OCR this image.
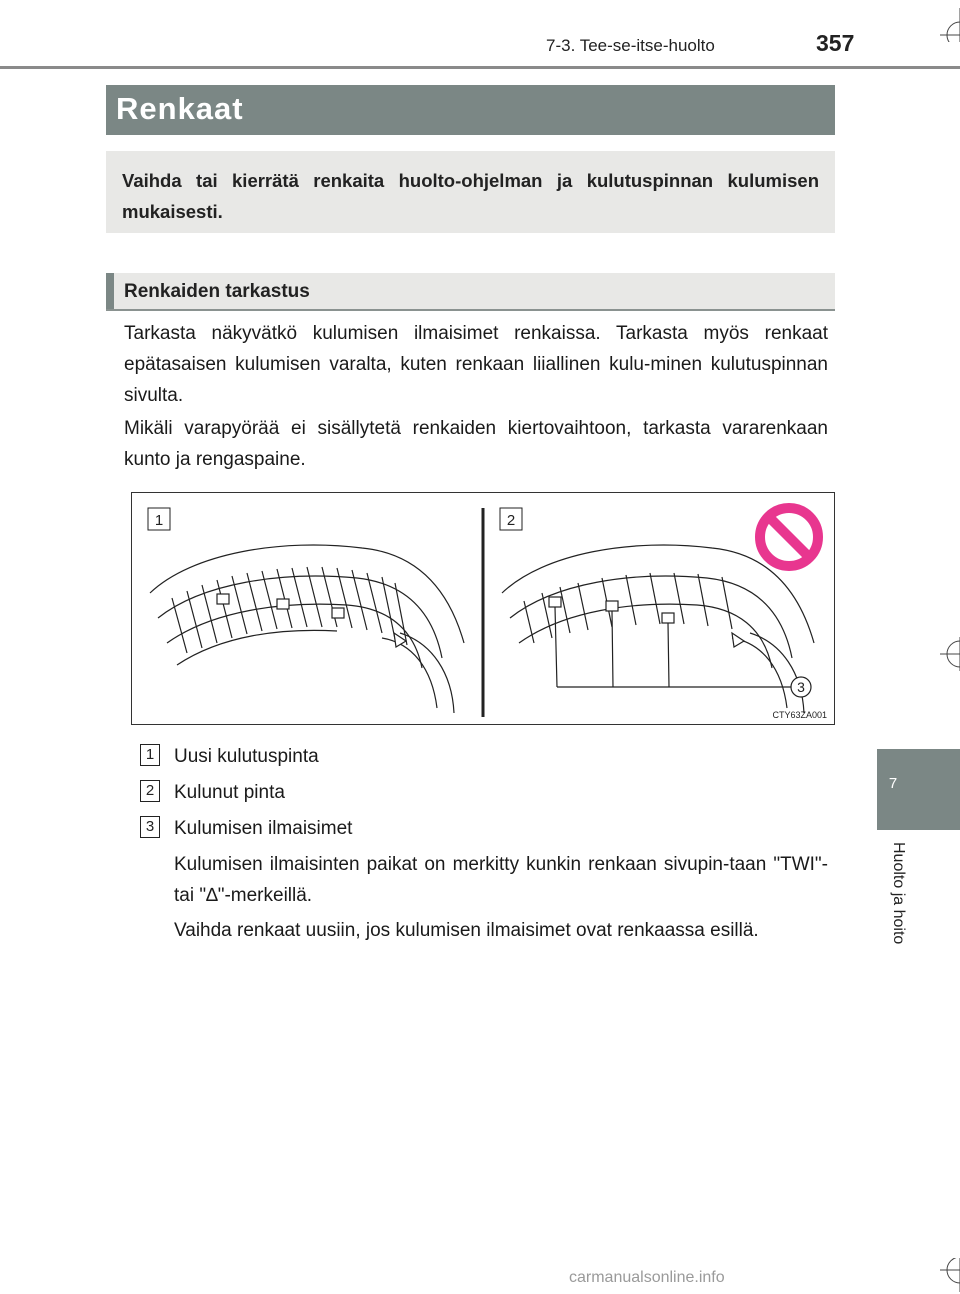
7-3. Tee-se-itse-huolto	357
Renkaat

Vaihda tai kierrätä renkaita huolto-ohjelman ja kulutuspinnan kulumisen mukaisesti.

Renkaiden tarkastus

Tarkasta näkyvätkö kulumisen ilmaisimet renkaissa. Tarkasta myös renkaat epätasaisen kulumisen varalta, kuten renkaan liiallinen kulu-minen kulutuspinnan sivulta.

Mikäli varapyörää ei sisällytetä renkaiden kiertovaihtoon, tarkasta vararenkaan kunto ja rengaspaine.

1	2
3
CTY63ZA001
1	Uusi kulutuspinta
2	Kulunut pinta
3	Kulumisen ilmaisimet

Kulumisen ilmaisinten paikat on merkitty kunkin renkaan sivupin-taan "TWI"- tai "∆"-merkeillä.

Vaihda renkaat uusiin, jos kulumisen ilmaisimet ovat renkaassa esillä.

7
Huolto ja hoito
carmanualsonline.info
